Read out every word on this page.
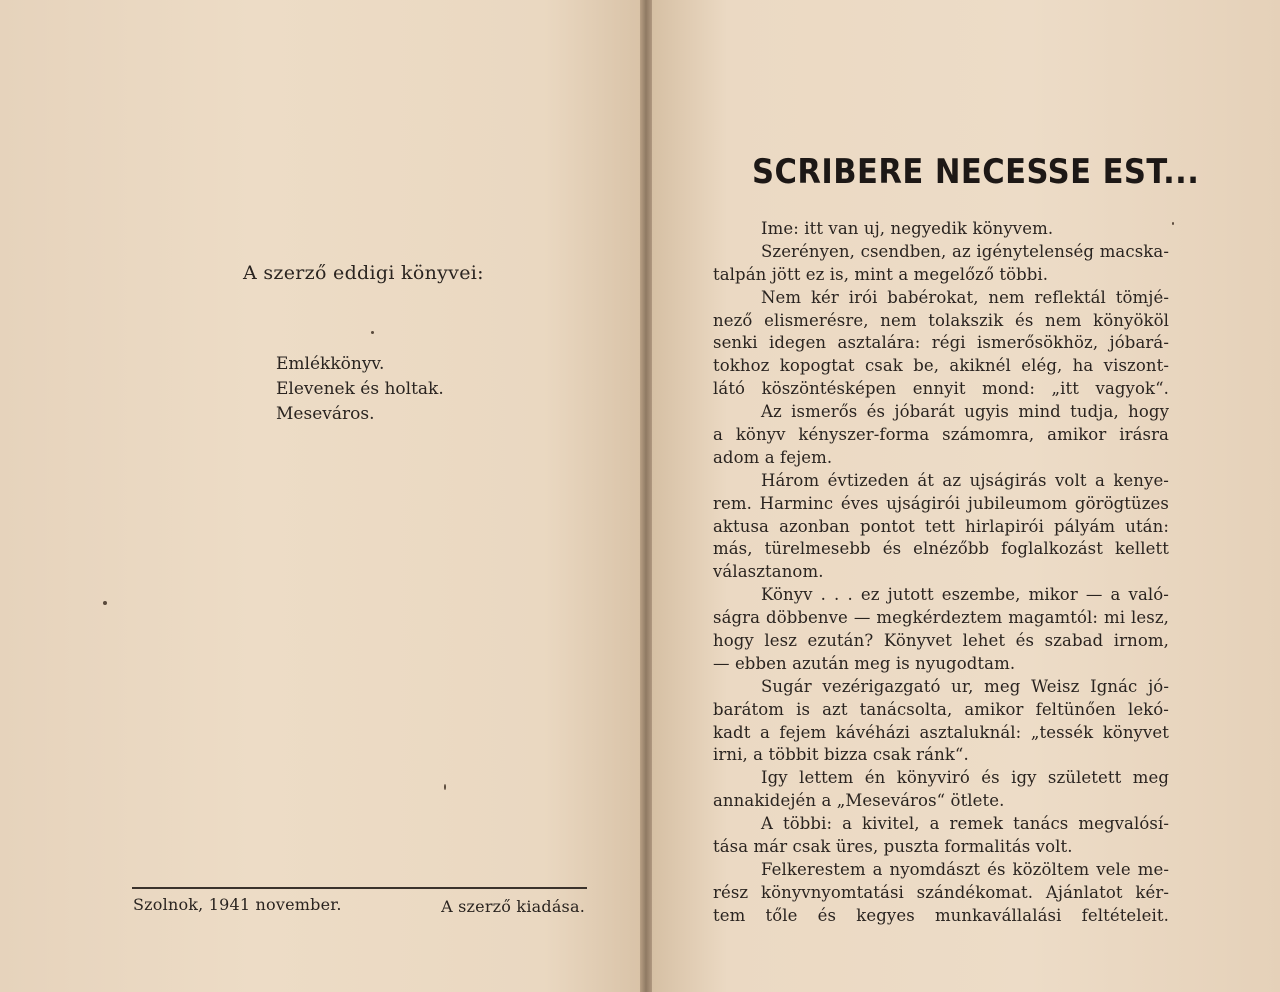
A szerző eddigi könyvei:
Emlékkönyv.
Elevenek és holtak.
Meseváros.
Szolnok, 1941 november.	A szerző kiadása.
SCRIBERE NECESSE EST...
Ime: itt van uj, negyedik könyvem.
Szerényen, csendben, az igénytelenség macska-
talpán jött ez is, mint a megelőző többi.
Nem kér irói babérokat, nem reflektál tömjé-
nező elismerésre, nem tolakszik és nem könyököl
senki idegen asztalára: régi ismerősökhöz, jóbará-
tokhoz kopogtat csak be, akiknél elég, ha viszont-
látó köszöntésképen ennyit mond: „itt vagyok“.
Az ismerős és jóbarát ugyis mind tudja, hogy
a könyv kényszer-forma számomra, amikor irásra
adom a fejem.
Három évtizeden át az ujságirás volt a kenye-
rem. Harminc éves ujságirói jubileumom görögtüzes
aktusa azonban pontot tett hirlapirói pályám után:
más, türelmesebb és elnézőbb foglalkozást kellett
választanom.
Könyv . . . ez jutott eszembe, mikor — a való-
ságra döbbenve — megkérdeztem magamtól: mi lesz,
hogy lesz ezután? Könyvet lehet és szabad irnom,
— ebben azután meg is nyugodtam.
Sugár vezérigazgató ur, meg Weisz Ignác jó-
barátom is azt tanácsolta, amikor feltünően lekó-
kadt a fejem kávéházi asztaluknál: „tessék könyvet
irni, a többit bizza csak ránk“.
Igy lettem én könyviró és igy született meg
annakidején a „Meseváros“ ötlete.
A többi: a kivitel, a remek tanács megvalósí-
tása már csak üres, puszta formalitás volt.
Felkerestem a nyomdászt és közöltem vele me-
rész könyvnyomtatási szándékomat. Ajánlatot kér-
tem tőle és kegyes munkavállalási feltételeit.
